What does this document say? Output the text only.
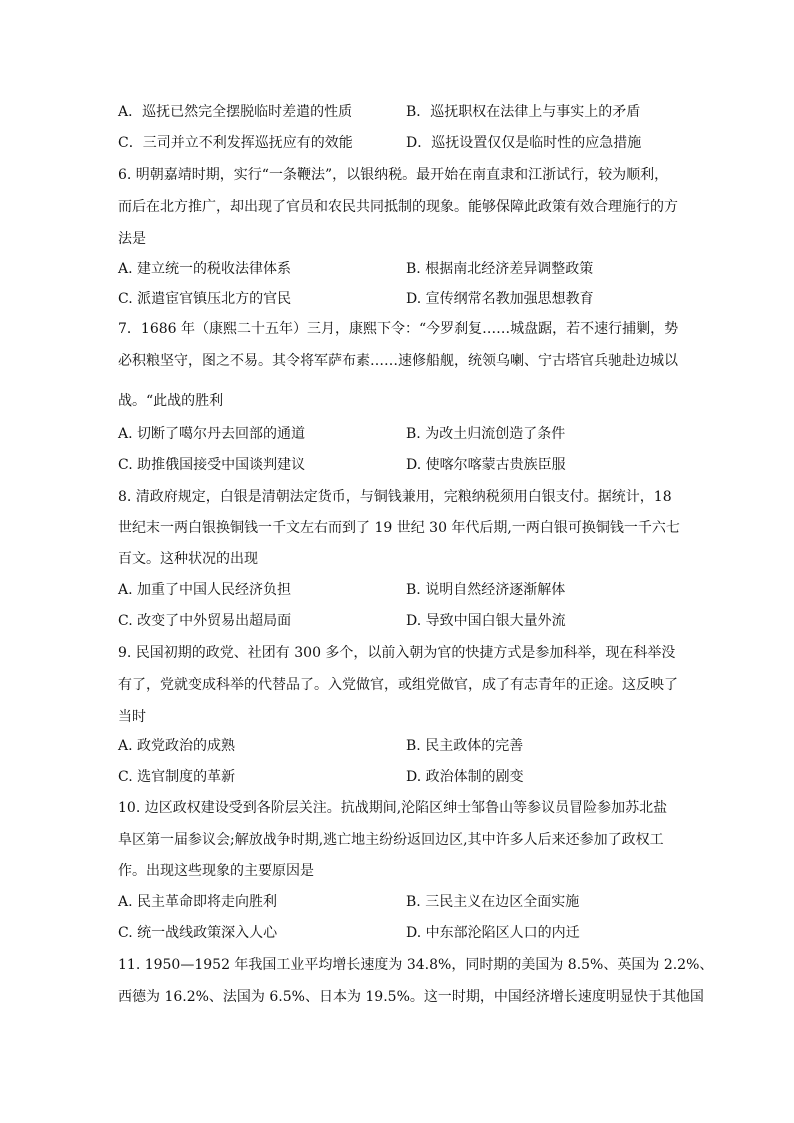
A．巡抚已然完全摆脱临时差遣的性质	B．巡抚职权在法律上与事实上的矛盾
C．三司并立不利发挥巡抚应有的效能	D．巡抚设置仅仅是临时性的应急措施
6. 明朝嘉靖时期，实行“一条鞭法”，以银纳税。最开始在南直隶和江浙试行，较为顺利，
而后在北方推广，却出现了官员和农民共同抵制的现象。能够保障此政策有效合理施行的方
法是
A. 建立统一的税收法律体系	B. 根据南北经济差异调整政策
C. 派遣宦官镇压北方的官民	D. 宣传纲常名教加强思想教育
7．1686 年（康熙二十五年）三月，康熙下令：“今罗刹复……城盘踞，若不速行捕剿，势
必积粮坚守，图之不易。其令将军萨布素……速修船舰，统领乌喇、宁古塔官兵驰赴边城以
战。“此战的胜利
A. 切断了噶尔丹去回部的通道	B. 为改土归流创造了条件
C. 助推俄国接受中国谈判建议	D. 使喀尔喀蒙古贵族臣服
8. 清政府规定，白银是清朝法定货币，与铜钱兼用，完粮纳税须用白银支付。据统计，18
世纪末一两白银换铜钱一千文左右而到了 19 世纪 30 年代后期,一两白银可换铜钱一千六七
百文。这种状况的出现
A. 加重了中国人民经济负担	B. 说明自然经济逐渐解体
C. 改变了中外贸易出超局面	D. 导致中国白银大量外流
9. 民国初期的政党、社团有 300 多个，以前入朝为官的快捷方式是参加科举，现在科举没
有了，党就变成科举的代替品了。入党做官，或组党做官，成了有志青年的正途。这反映了
当时
A. 政党政治的成熟	B. 民主政体的完善
C. 选官制度的革新	D. 政治体制的剧变
10. 边区政权建设受到各阶层关注。抗战期间,沦陷区绅士邹鲁山等参议员冒险参加苏北盐
阜区第一届参议会;解放战争时期,逃亡地主纷纷返回边区,其中许多人后来还参加了政权工
作。出现这些现象的主要原因是
A. 民主革命即将走向胜利	B. 三民主义在边区全面实施
C. 统一战线政策深入人心	D. 中东部沦陷区人口的内迁
11. 1950—1952 年我国工业平均增长速度为 34.8%，同时期的美国为 8.5%、英国为 2.2%、
西德为 16.2%、法国为 6.5%、日本为 19.5%。这一时期，中国经济增长速度明显快于其他国
